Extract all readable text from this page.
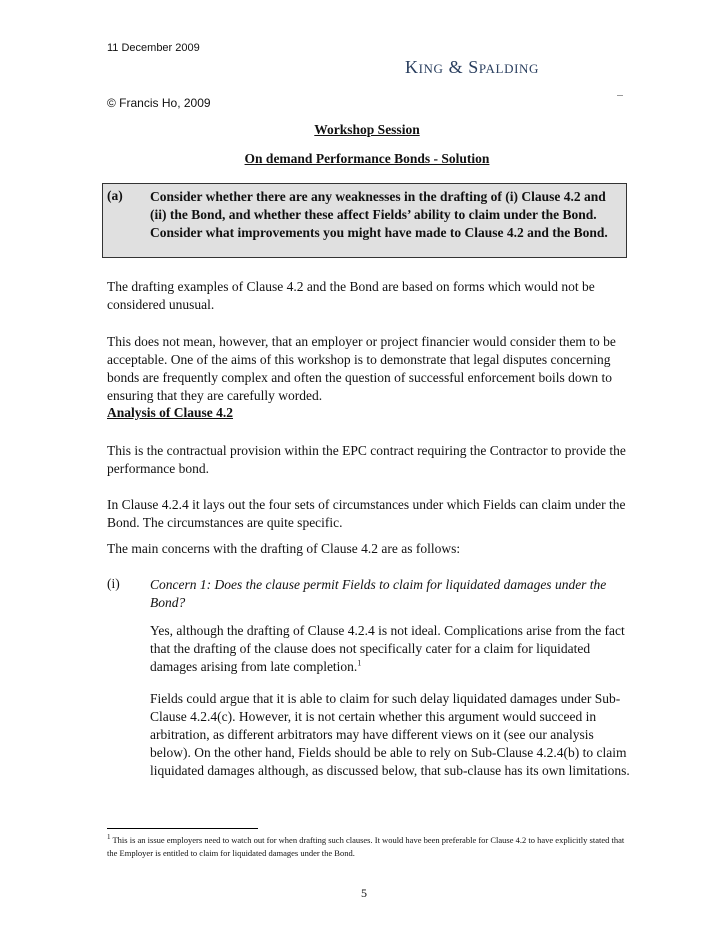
11 December 2009
King & Spalding
© Francis Ho, 2009
Workshop Session
On demand Performance Bonds - Solution
(a) Consider whether there are any weaknesses in the drafting of (i) Clause 4.2 and (ii) the Bond, and whether these affect Fields’ ability to claim under the Bond. Consider what improvements you might have made to Clause 4.2 and the Bond.
The drafting examples of Clause 4.2 and the Bond are based on forms which would not be considered unusual.
This does not mean, however, that an employer or project financier would consider them to be acceptable. One of the aims of this workshop is to demonstrate that legal disputes concerning bonds are frequently complex and often the question of successful enforcement boils down to ensuring that they are carefully worded.
Analysis of Clause 4.2
This is the contractual provision within the EPC contract requiring the Contractor to provide the performance bond.
In Clause 4.2.4 it lays out the four sets of circumstances under which Fields can claim under the Bond. The circumstances are quite specific.
The main concerns with the drafting of Clause 4.2 are as follows:
(i) Concern 1: Does the clause permit Fields to claim for liquidated damages under the Bond?
Yes, although the drafting of Clause 4.2.4 is not ideal. Complications arise from the fact that the drafting of the clause does not specifically cater for a claim for liquidated damages arising from late completion.$^1$
Fields could argue that it is able to claim for such delay liquidated damages under Sub-Clause 4.2.4(c). However, it is not certain whether this argument would succeed in arbitration, as different arbitrators may have different views on it (see our analysis below). On the other hand, Fields should be able to rely on Sub-Clause 4.2.4(b) to claim liquidated damages although, as discussed below, that sub-clause has its own limitations.
$^1$ This is an issue employers need to watch out for when drafting such clauses. It would have been preferable for Clause 4.2 to have explicitly stated that the Employer is entitled to claim for liquidated damages under the Bond.
5
